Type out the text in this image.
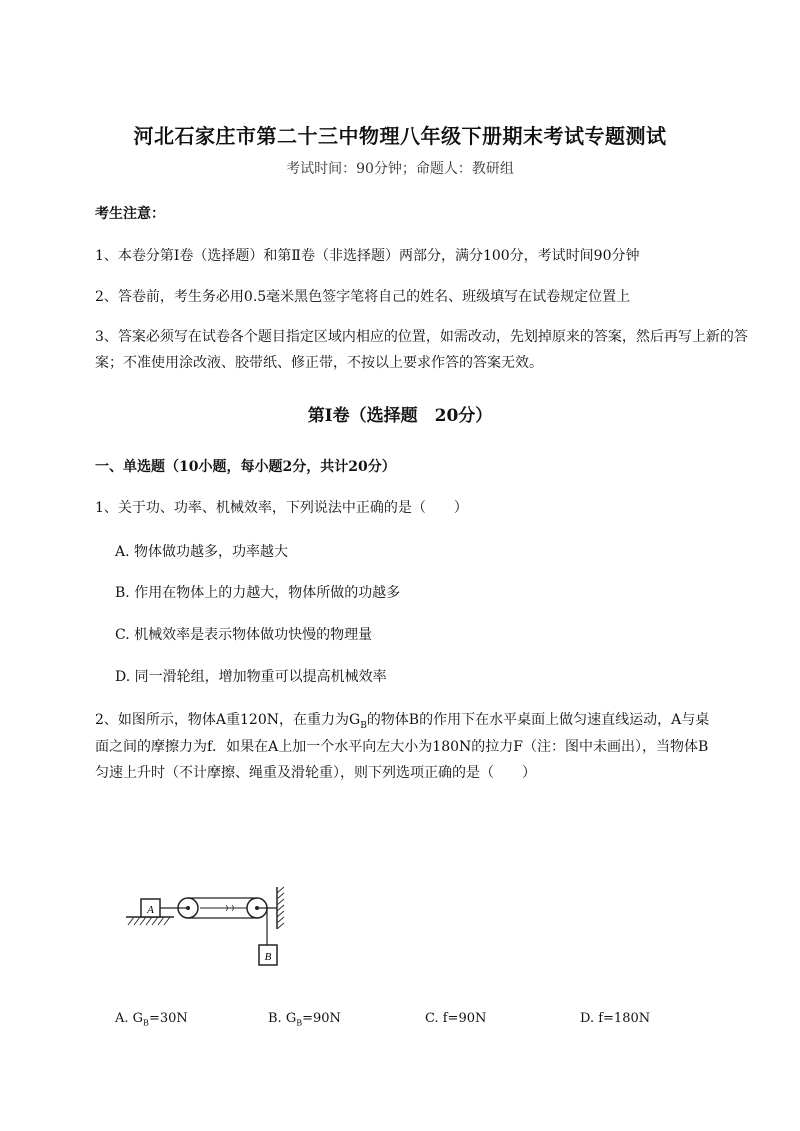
河北石家庄市第二十三中物理八年级下册期末考试专题测试
考试时间：90分钟；命题人：教研组
考生注意：
1、本卷分第I卷（选择题）和第Ⅱ卷（非选择题）两部分，满分100分，考试时间90分钟
2、答卷前，考生务必用0.5毫米黑色签字笔将自己的姓名、班级填写在试卷规定位置上
3、答案必须写在试卷各个题目指定区域内相应的位置，如需改动，先划掉原来的答案，然后再写上新的答案；不准使用涂改液、胶带纸、修正带，不按以上要求作答的答案无效。
第I卷（选择题　20分）
一、单选题（10小题，每小题2分，共计20分）
1、关于功、功率、机械效率，下列说法中正确的是（　　）
A. 物体做功越多，功率越大
B. 作用在物体上的力越大，物体所做的功越多
C. 机械效率是表示物体做功快慢的物理量
D. 同一滑轮组，增加物重可以提高机械效率
2、如图所示，物体A重120N，在重力为$G_B$的物体B的作用下在水平桌面上做匀速直线运动，A与桌
面之间的摩擦力为f．如果在A上加一个水平向左大小为180N的拉力F（注：图中未画出），当物体B
匀速上升时（不计摩擦、绳重及滑轮重），则下列选项正确的是（　　）
A
B
A. $G_B=30N$	B. $G_B=90N$	C. f=90N	D. f=180N
